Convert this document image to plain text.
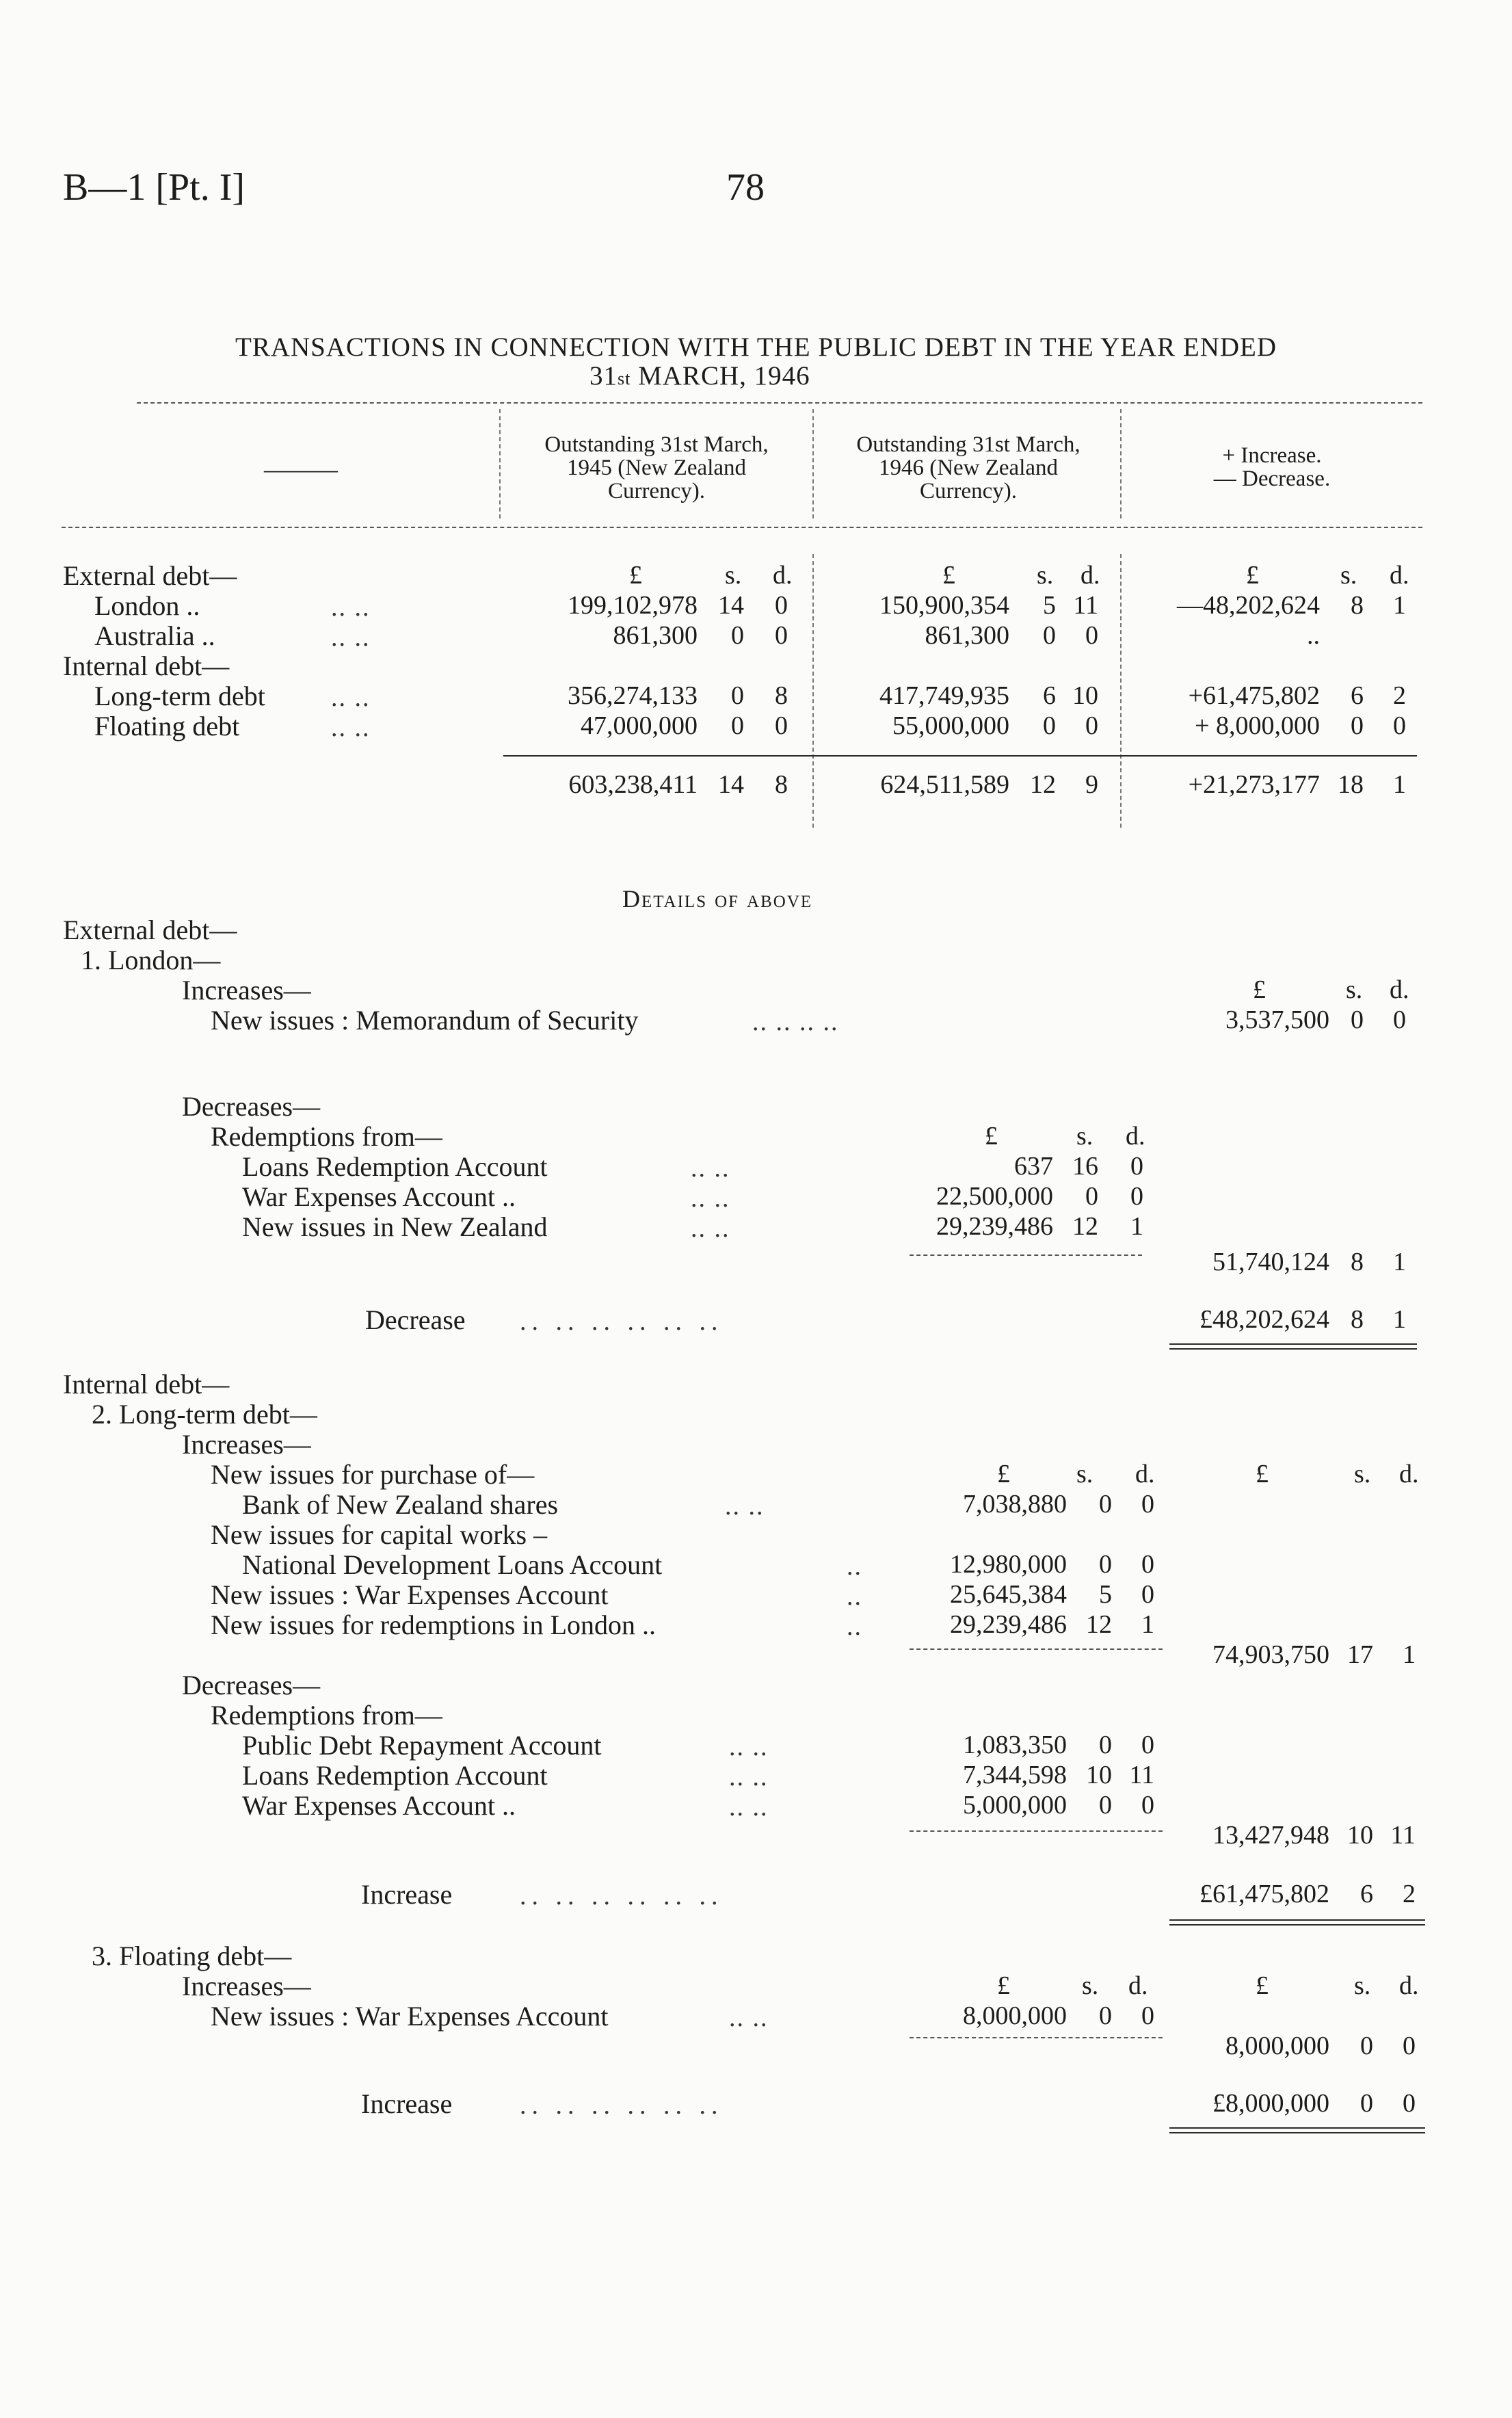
B—1 [Pt. I]	78
TRANSACTIONS IN CONNECTION WITH THE PUBLIC DEBT IN THE YEAR ENDED
31st MARCH, 1946
———
Outstanding 31st March,
1945 (New Zealand
Currency).
Outstanding 31st March,
1946 (New Zealand
Currency).
+ Increase.
— Decrease.
£	s. d.	£	s. d.	£	s. d.
External debt—
London ..	.. ..	199,102,978 14	0	150,900,354	5 11	—48,202,624	8	1
Australia ..	.. ..	861,300	0	0	861,300	0	0	..
Internal debt—
Long-term debt	.. ..	356,274,133	0	8	417,749,935	6 10	+61,475,802	6	2
Floating debt	.. ..	47,000,000	0	0	55,000,000	0	0	+ 8,000,000	0	0
603,238,411 14	8	624,511,589 12	9	+21,273,177 18	1
Details of above
External debt—
1. London—
Increases—	£	s. d.
New issues : Memorandum of Security	.. .. .. ..	3,537,500 0	0
Decreases—
Redemptions from—	£	s. d.
Loans Redemption Account	.. ..	637 16	0
War Expenses Account ..	.. ..	22,500,000	0	0
New issues in New Zealand	.. ..	29,239,486 12	1
51,740,124 8	1
Decrease .. .. .. .. .. ..	£48,202,624 8	1
Internal debt—
2. Long-term debt—
Increases—
New issues for purchase of—	£	s. d.	£	s. d.
Bank of New Zealand shares	.. ..	7,038,880	0	0
New issues for capital works –
National Development Loans Account	..	12,980,000	0	0
New issues : War Expenses Account	..	25,645,384	5	0
New issues for redemptions in London ..	..	29,239,486 12	1
74,903,750 17	1
Decreases—
Redemptions from—
Public Debt Repayment Account	.. ..	1,083,350	0	0
Loans Redemption Account	.. ..	7,344,598 10 11
War Expenses Account ..	.. ..	5,000,000	0	0
13,427,948 10 11
Increase	.. .. .. .. .. ..	£61,475,802	6	2
3. Floating debt—
Increases—	£	s. d.	£	s. d.
New issues : War Expenses Account	.. ..	8,000,000	0	0
8,000,000	0	0
Increase	.. .. .. .. .. ..	£8,000,000	0	0
